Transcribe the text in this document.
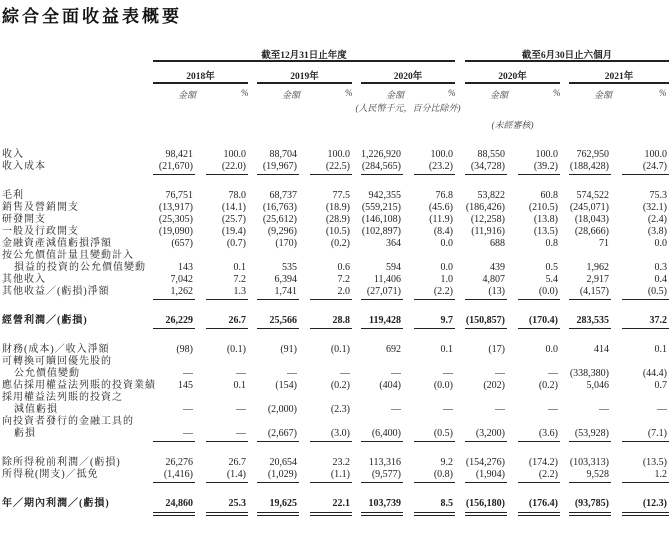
綜合全面收益表概要
截至12月31日止年度	截至6月30日止六個月
2018年	2019年	2020年	2020年	2021年
金額	%	金額	%	金額	%	金額	%	金額	%
(人民幣千元，百分比除外)
(未經審核)
收入	98,421	100.0 88,704	100.0 1,226,920	100.0 88,550	100.0 762,950	100.0
收入成本	(21,670)	(22.0) (19,967)	(22.5) (284,565)	(23.2) (34,728)	(39.2) (188,428)	(24.7)
毛利	76,751	78.0 68,737	77.5 942,355	76.8 53,822	60.8 574,522	75.3
銷售及營銷開支	(13,917)	(14.1) (16,763)	(18.9) (559,215)	(45.6) (186,426) (210.5) (245,071)	(32.1)
研發開支	(25,305)	(25.7) (25,612)	(28.9) (146,108)	(11.9) (12,258)	(13.8) (18,043)	(2.4)
一般及行政開支	(19,090)	(19.4) (9,296)	(10.5) (102,897)	(8.4) (11,916)	(13.5) (28,666)	(3.8)
金融資產減值虧損淨額	(657)	(0.7)	(170)	(0.2)	364	0.0	688	0.8	71	0.0
按公允價值計量且變動計入
損益的投資的公允價值變動	143	0.1	535	0.6	594	0.0	439	0.5	1,962	0.3
其他收入	7,042	7.2	6,394	7.2 11,406	1.0	4,807	5.4	2,917	0.4
其他收益／(虧損)淨額	1,262	1.3	1,741	2.0 (27,071)	(2.2)	(13)	(0.0) (4,157)	(0.5)
經營利潤／(虧損)	26,229	26.7 25,566	28.8 119,428	9.7 (150,857) (170.4) 283,535	37.2
財務(成本)／收入淨額	(98)	(0.1)	(91)	(0.1)	692	0.1	(17)	0.0	414	0.1
可轉換可贖回優先股的
公允價值變動	—	—	—	—	—	—	—	— (338,380)	(44.4)
應佔採用權益法列賬的投資業績 145	0.1	(154)	(0.2)	(404)	(0.0)	(202)	(0.2)	5,046	0.7
採用權益法列賬的投資之
減值虧損	—	— (2,000)	(2.3)	—	—	—	—	—	—
向投資者發行的金融工具的
虧損	—	— (2,667)	(3.0) (6,400)	(0.5) (3,200)	(3.6) (53,928)	(7.1)
除所得稅前利潤／(虧損)	26,276	26.7 20,654	23.2 113,316	9.2 (154,276) (174.2) (103,313)	(13.5)
所得稅(開支)／抵免	(1,416)	(1.4) (1,029)	(1.1) (9,577)	(0.8) (1,904)	(2.2)	9,528	1.2
年／期內利潤／(虧損)	24,860	25.3 19,625	22.1 103,739	8.5 (156,180) (176.4) (93,785)	(12.3)
